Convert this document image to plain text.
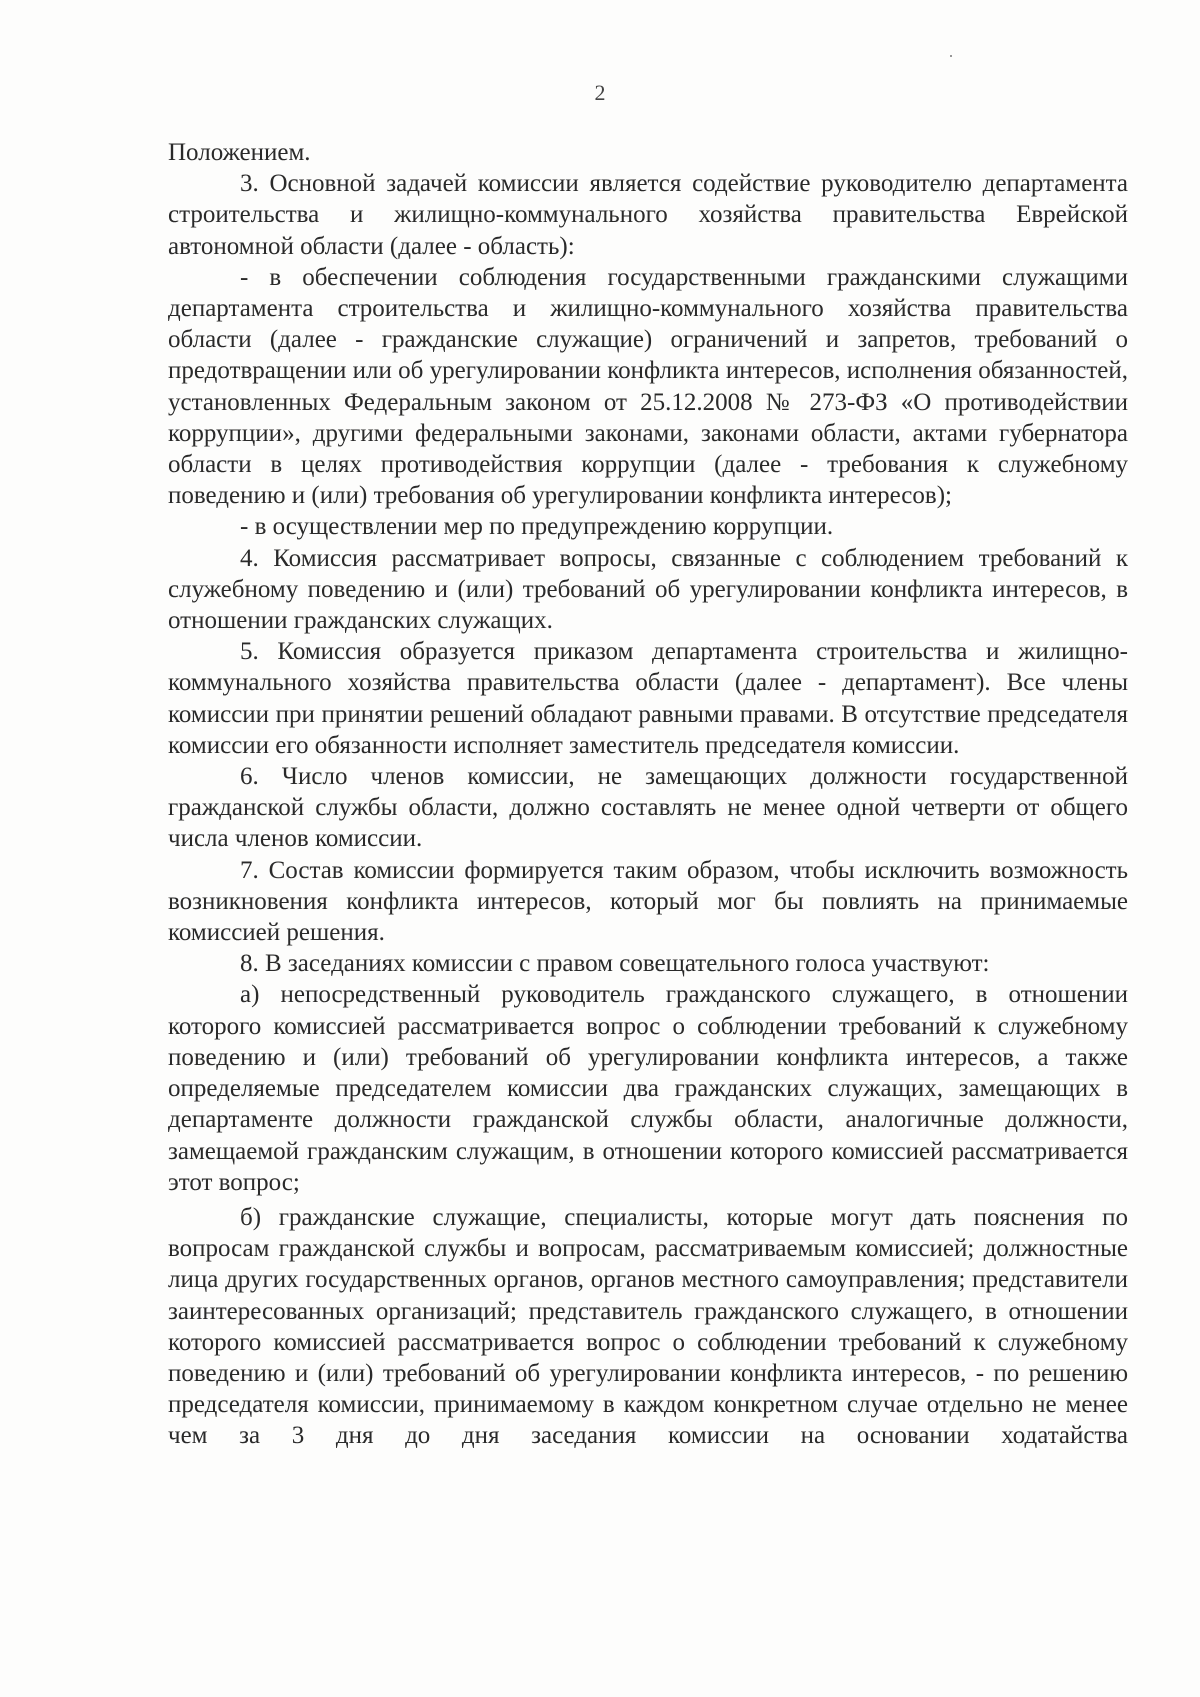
2

Положением.

3. Основной задачей комиссии является содействие руководителю департамента строительства и жилищно-коммунального хозяйства правительства Еврейской автономной области (далее - область):

- в обеспечении соблюдения государственными гражданскими служащими департамента строительства и жилищно-коммунального хозяйства правительства области (далее - гражданские служащие) ограничений и запретов, требований о предотвращении или об урегулировании конфликта интересов, исполнения обязанностей, установленных Федеральным законом от 25.12.2008 № 273-ФЗ «О противодействии коррупции», другими федеральными законами, законами области, актами губернатора области в целях противодействия коррупции (далее - требования к служебному поведению и (или) требования об урегулировании конфликта интересов);

- в осуществлении мер по предупреждению коррупции.

4. Комиссия рассматривает вопросы, связанные с соблюдением требований к служебному поведению и (или) требований об урегулировании конфликта интересов, в отношении гражданских служащих.

5. Комиссия образуется приказом департамента строительства и жилищно-коммунального хозяйства правительства области (далее - департамент). Все члены комиссии при принятии решений обладают равными правами. В отсутствие председателя комиссии его обязанности исполняет заместитель председателя комиссии.

6. Число членов комиссии, не замещающих должности государственной гражданской службы области, должно составлять не менее одной четверти от общего числа членов комиссии.

7. Состав комиссии формируется таким образом, чтобы исключить возможность возникновения конфликта интересов, который мог бы повлиять на принимаемые комиссией решения.

8. В заседаниях комиссии с правом совещательного голоса участвуют:

а) непосредственный руководитель гражданского служащего, в отношении которого комиссией рассматривается вопрос о соблюдении требований к служебному поведению и (или) требований об урегулировании конфликта интересов, а также определяемые председателем комиссии два гражданских служащих, замещающих в департаменте должности гражданской службы области, аналогичные должности, замещаемой гражданским служащим, в отношении которого комиссией рассматривается этот вопрос;

б) гражданские служащие, специалисты, которые могут дать пояснения по вопросам гражданской службы и вопросам, рассматриваемым комиссией; должностные лица других государственных органов, органов местного самоуправления; представители заинтересованных организаций; представитель гражданского служащего, в отношении которого комиссией рассматривается вопрос о соблюдении требований к служебному поведению и (или) требований об урегулировании конфликта интересов, - по решению председателя комиссии, принимаемому в каждом конкретном случае отдельно не менее чем за 3 дня до дня заседания комиссии на основании ходатайства
